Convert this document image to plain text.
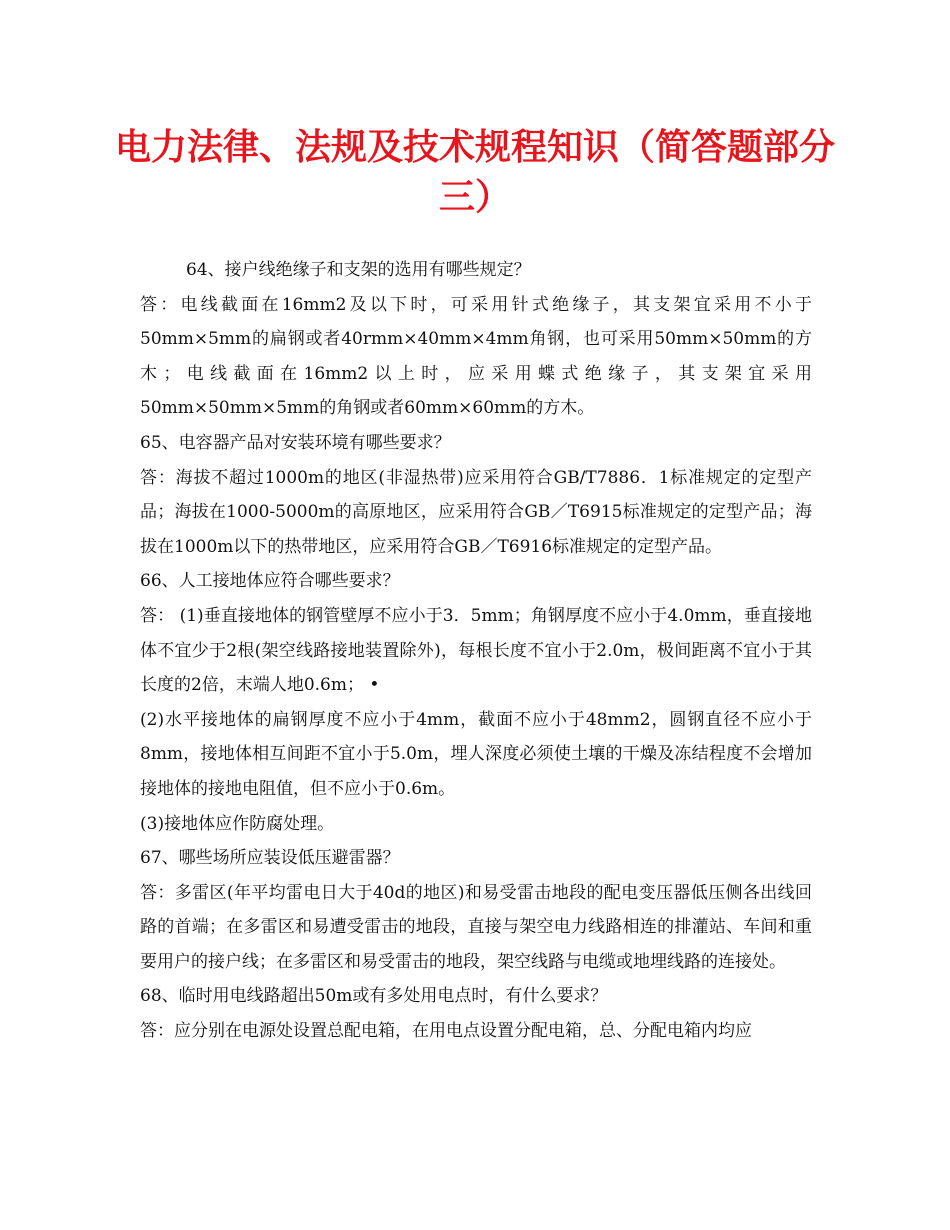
电力法律、法规及技术规程知识（简答题部分三）

64、接户线绝缘子和支架的选用有哪些规定？

答：电线截面在16mm2及以下时，可采用针式绝缘子，其支架宜采用不小于50mm×5mm的扁钢或者40rmm×40mm×4mm角钢，也可采用50mm×50mm的方木；电线截面在16mm2以上时，应采用蝶式绝缘子，其支架宜采用50mm×50mm×5mm的角钢或者60mm×60mm的方木。

65、电容器产品对安装环境有哪些要求？

答：海拔不超过1000m的地区(非湿热带)应采用符合GB/T7886．1标准规定的定型产品；海拔在1000-5000m的高原地区，应采用符合GB／T6915标准规定的定型产品；海拔在1000m以下的热带地区，应采用符合GB／T6916标准规定的定型产品。

66、人工接地体应符合哪些要求？

答： (1)垂直接地体的钢管壁厚不应小于3．5mm；角钢厚度不应小于4.0mm，垂直接地体不宜少于2根(架空线路接地装置除外)，每根长度不宜小于2.0m，极间距离不宜小于其长度的2倍，末端人地0.6m； •

(2)水平接地体的扁钢厚度不应小于4mm，截面不应小于48mm2，圆钢直径不应小于8mm，接地体相互间距不宜小于5.0m，埋人深度必须使土壤的干燥及冻结程度不会增加接地体的接地电阻值，但不应小于0.6m。

(3)接地体应作防腐处理。

67、哪些场所应装设低压避雷器？

答：多雷区(年平均雷电日大于40d的地区)和易受雷击地段的配电变压器低压侧各出线回路的首端；在多雷区和易遭受雷击的地段，直接与架空电力线路相连的排灌站、车间和重要用户的接户线；在多雷区和易受雷击的地段，架空线路与电缆或地埋线路的连接处。

68、临时用电线路超出50m或有多处用电点时，有什么要求？

答：应分别在电源处设置总配电箱，在用电点设置分配电箱，总、分配电箱内均应
